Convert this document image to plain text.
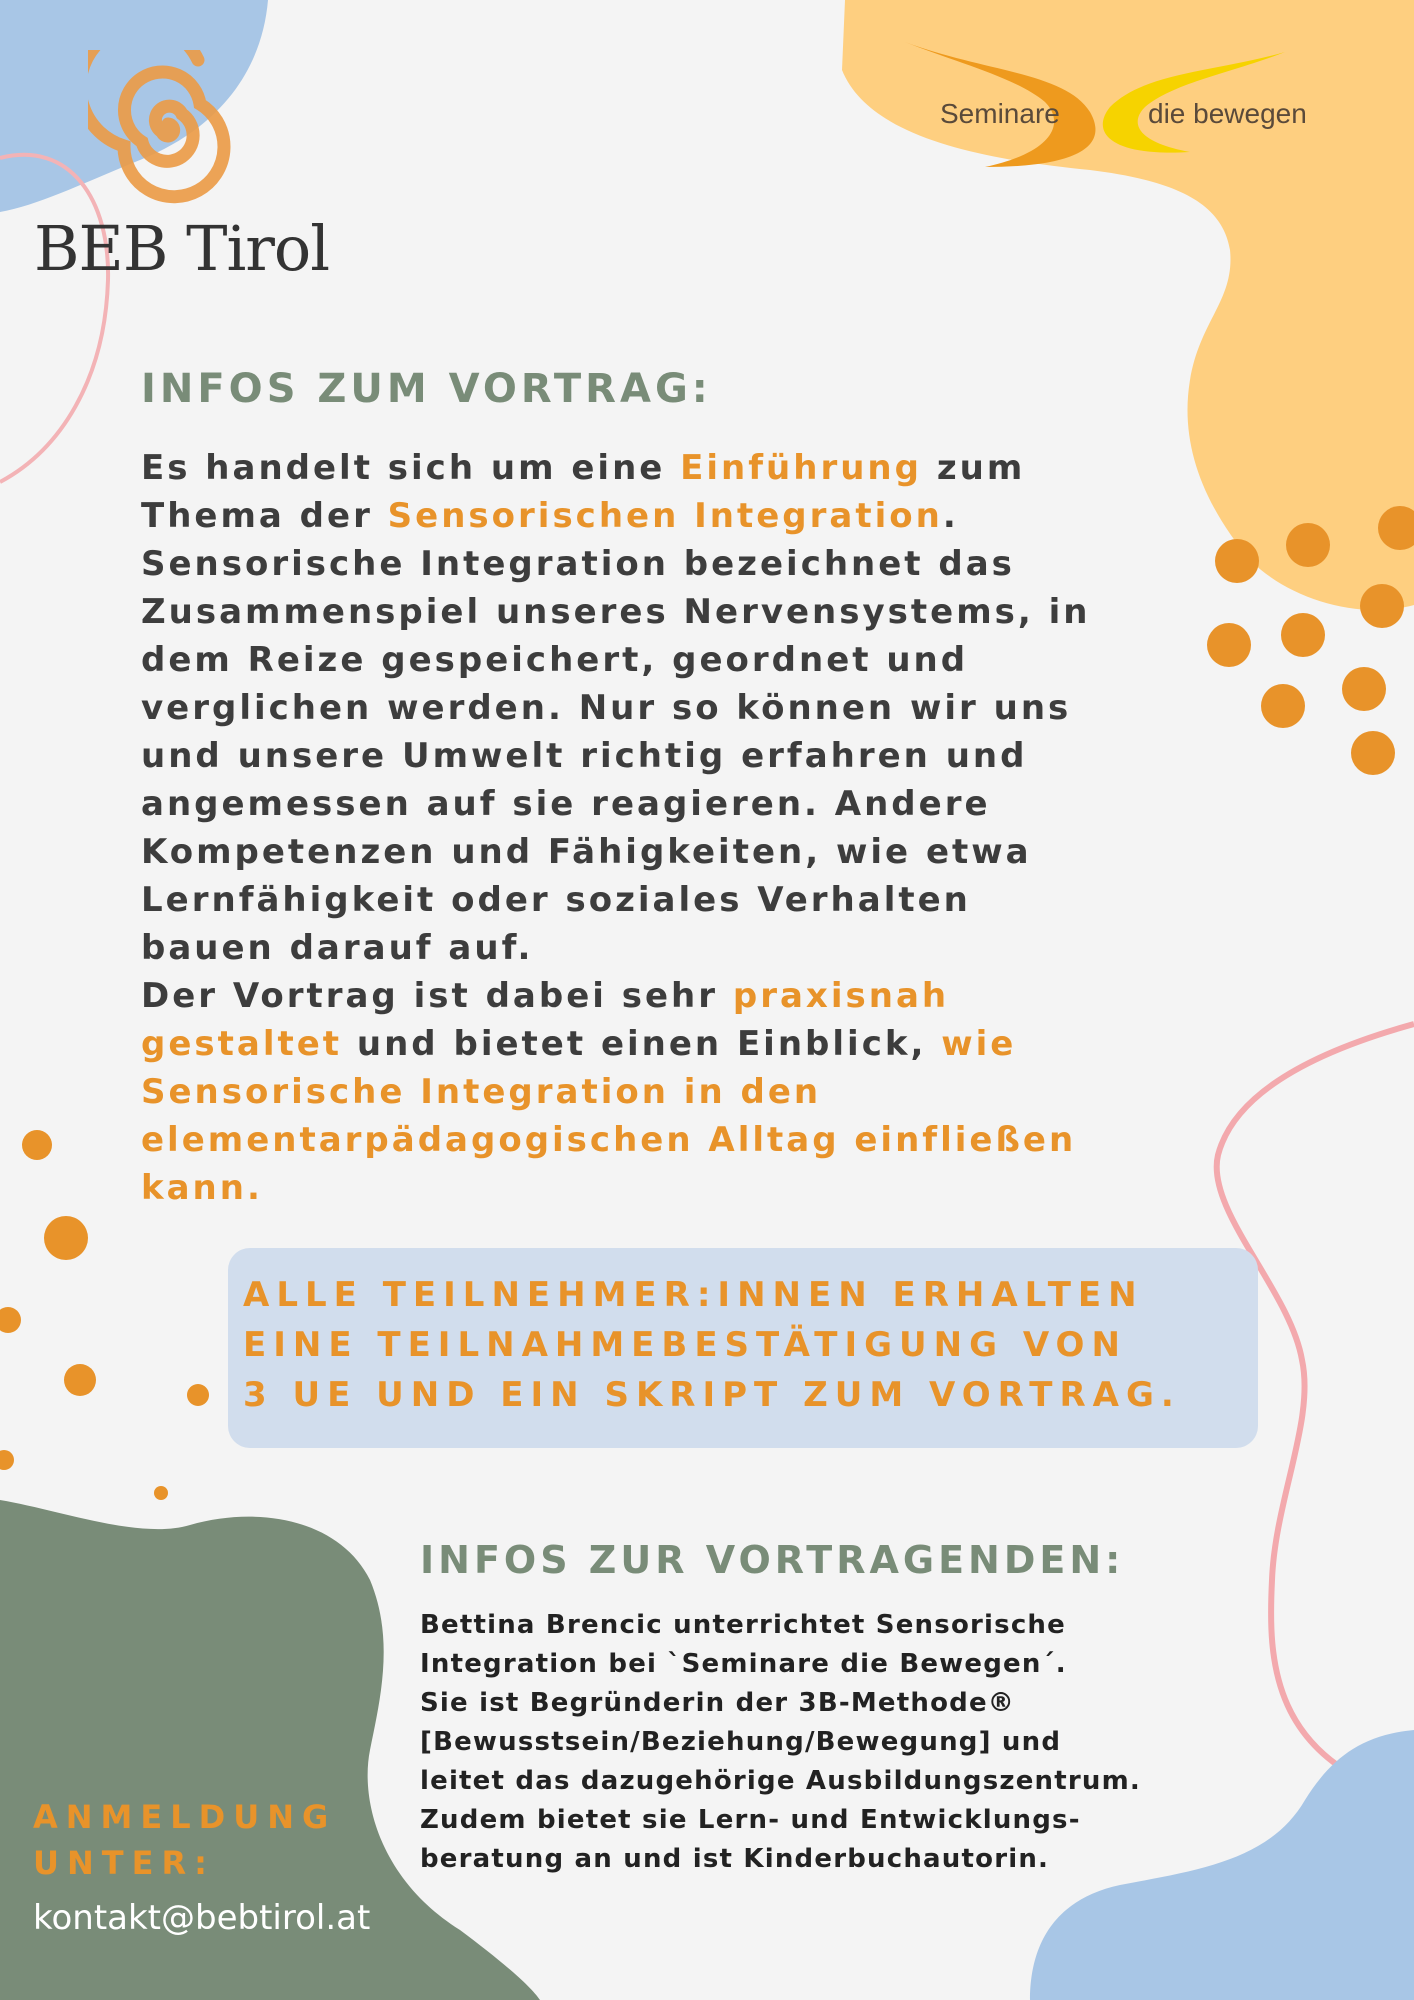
BEB Tirol
Seminare	die bewegen
INFOS ZUM VORTRAG:
Es handelt sich um eine Einführung zum Thema der Sensorischen Integration. Sensorische Integration bezeichnet das Zusammenspiel unseres Nervensystems, in dem Reize gespeichert, geordnet und verglichen werden. Nur so können wir uns und unsere Umwelt richtig erfahren und angemessen auf sie reagieren. Andere Kompetenzen und Fähigkeiten, wie etwa Lernfähigkeit oder soziales Verhalten bauen darauf auf.
Der Vortrag ist dabei sehr praxisnah gestaltet und bietet einen Einblick, wie Sensorische Integration in den elementarpädagogischen Alltag einfließen kann.
ALLE TEILNEHMER:INNEN ERHALTEN
EINE TEILNAHMEBESTÄTIGUNG VON
3 UE UND EIN SKRIPT ZUM VORTRAG.
INFOS ZUR VORTRAGENDEN:
Bettina Brencic unterrichtet Sensorische
Integration bei `Seminare die Bewegen´.
Sie ist Begründerin der 3B-Methode®
[Bewusstsein/Beziehung/Bewegung] und
leitet das dazugehörige Ausbildungszentrum.
Zudem bietet sie Lern- und Entwicklungs-
beratung an und ist Kinderbuchautorin.
ANMELDUNG
UNTER:
kontakt@bebtirol.at
